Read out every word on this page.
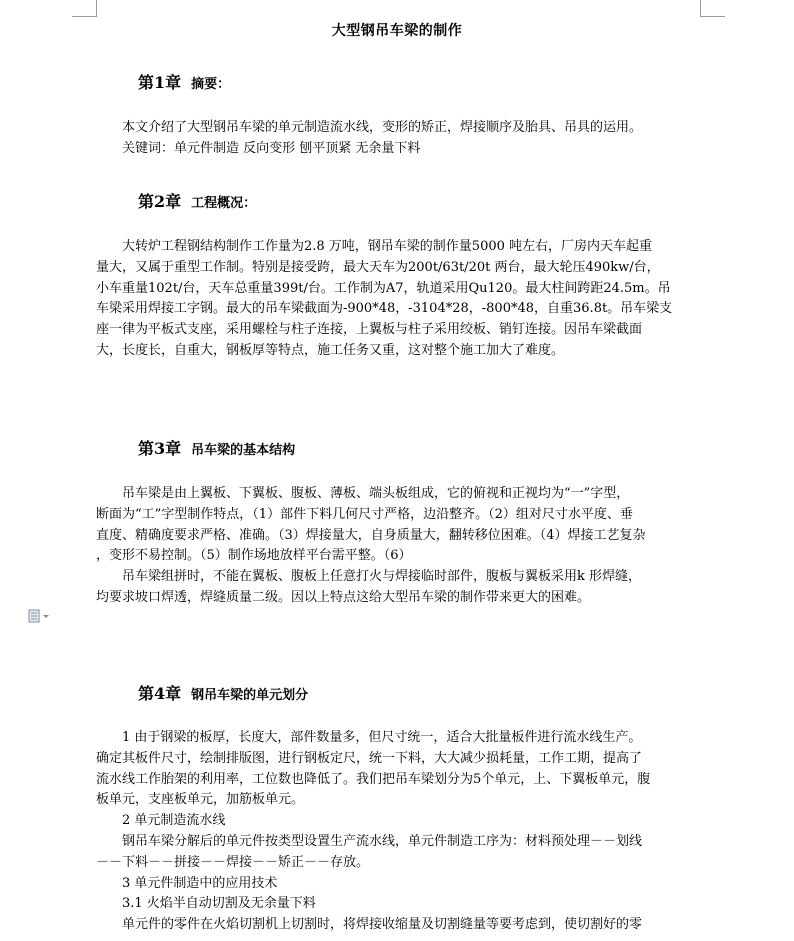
大型钢吊车梁的制作
第1章 摘要：
本文介绍了大型钢吊车梁的单元制造流水线，变形的矫正，焊接顺序及胎具、吊具的运用。
关键词：单元件制造 反向变形 刨平顶紧 无余量下料
第2章 工程概况：
大转炉工程钢结构制作工作量为2.8 万吨，钢吊车梁的制作量5000 吨左右，厂房内天车起重
量大，又属于重型工作制。特别是接受跨，最大天车为200t/63t/20t 两台，最大轮压490kw/台，
小车重量102t/台，天车总重量399t/台。工作制为A7，轨道采用Qu120。最大柱间跨距24.5m。吊
车梁采用焊接工字钢。最大的吊车梁截面为-900*48，-3104*28，-800*48，自重36.8t。吊车梁支
座一律为平板式支座，采用螺栓与柱子连接，上翼板与柱子采用绞板、销钉连接。因吊车梁截面
大，长度长，自重大，钢板厚等特点，施工任务又重，这对整个施工加大了难度。
第3章 吊车梁的基本结构
吊车梁是由上翼板、下翼板、腹板、薄板、端头板组成，它的俯视和正视均为“一”字型，
断面为“工”字型制作特点，（1）部件下料几何尺寸严格，边沿整齐。（2）组对尺寸水平度、垂
直度、精确度要求严格、准确。（3）焊接量大，自身质量大，翻转移位困难。（4）焊接工艺复杂
，变形不易控制。（5）制作场地放样平台需平整。（6）
吊车梁组拼时，不能在翼板、腹板上任意打火与焊接临时部件，腹板与翼板采用k 形焊缝，
均要求坡口焊透，焊缝质量二级。因以上特点这给大型吊车梁的制作带来更大的困难。
第4章 钢吊车梁的单元划分
1 由于钢梁的板厚，长度大，部件数量多，但尺寸统一，适合大批量板件进行流水线生产。
确定其板件尺寸，绘制排版图，进行钢板定尺，统一下料，大大减少损耗量，工作工期，提高了
流水线工作胎架的利用率，工位数也降低了。我们把吊车梁划分为5个单元，上、下翼板单元，腹
板单元，支座板单元，加筋板单元。
2 单元制造流水线
钢吊车梁分解后的单元件按类型设置生产流水线，单元件制造工序为：材料预处理－－划线
－－下料－－拼接－－焊接－－矫正－－存放。
3 单元件制造中的应用技术
3.1 火焰半自动切割及无余量下料
单元件的零件在火焰切割机上切割时，将焊接收缩量及切割缝量等要考虑到，使切割好的零
